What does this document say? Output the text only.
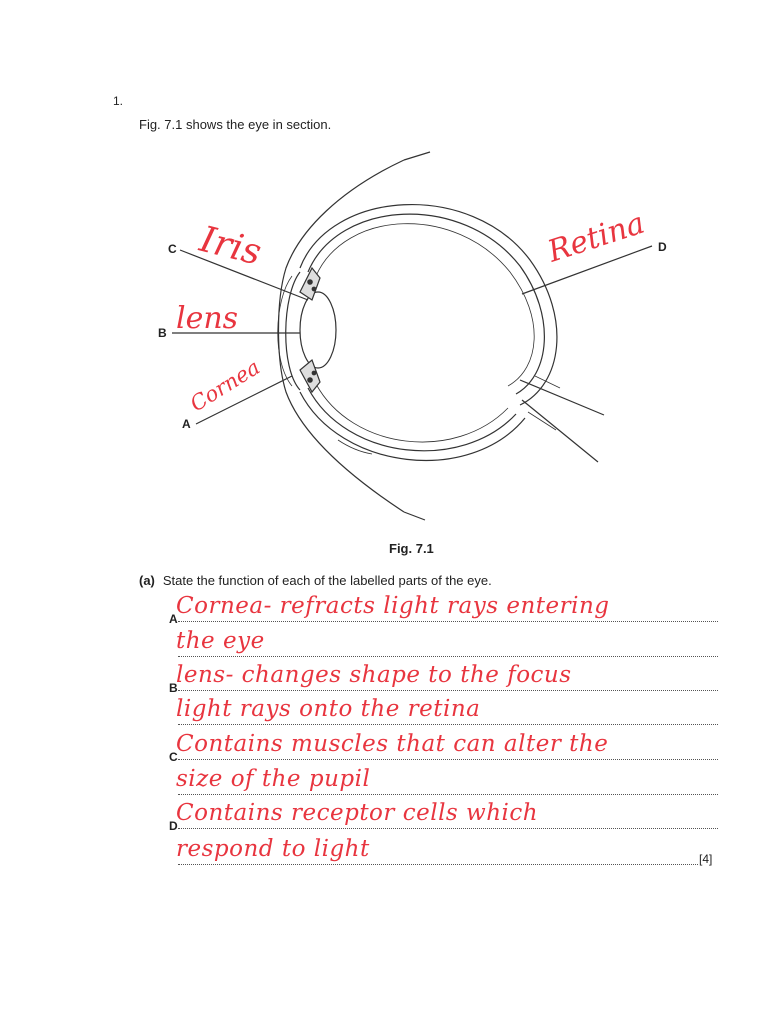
1.
Fig. 7.1 shows the eye in section.
C
B
A
D
Iris
lens
Cornea
Retina
Fig. 7.1
(a) State the function of each of the labelled parts of the eye.
A
Cornea- refracts light rays entering
the eye
B
lens- changes shape to the focus
light rays onto the retina
C
Contains muscles that can alter the
size of the pupil
D
Contains receptor cells which
respond to light	[4]
